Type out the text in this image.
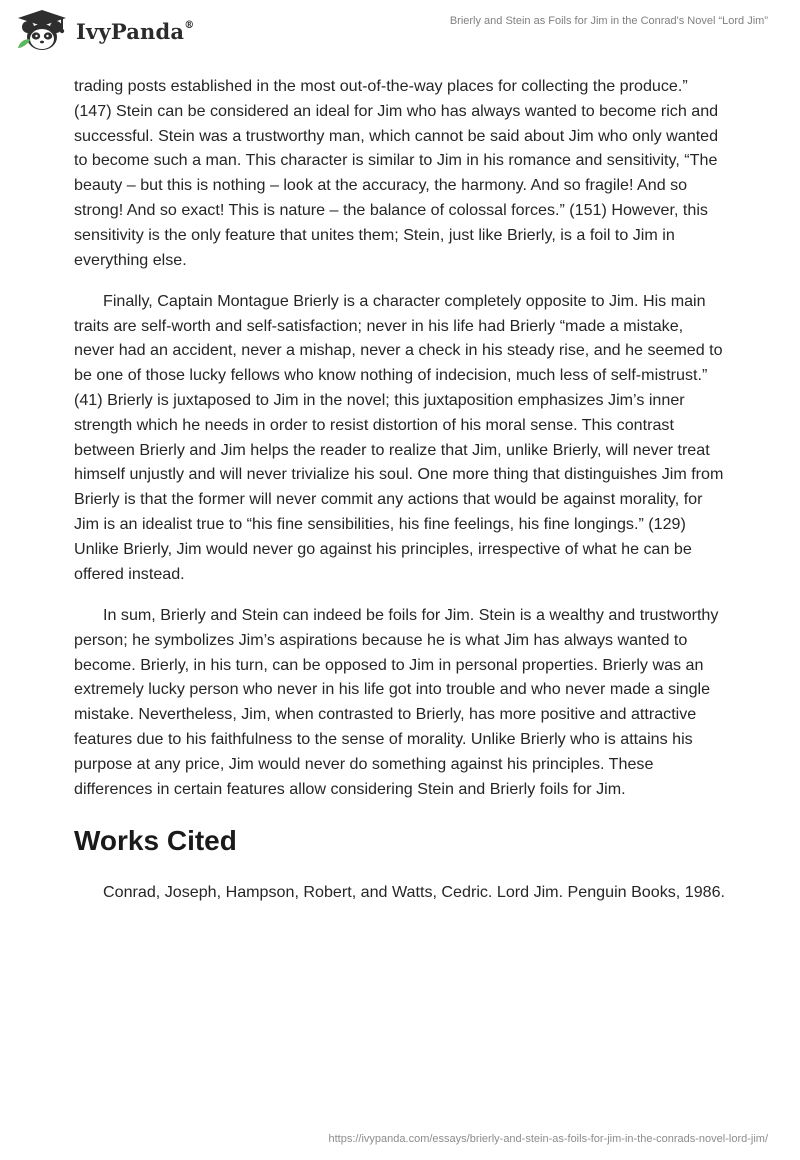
IvyPanda®	Brierly and Stein as Foils for Jim in the Conrad's Novel “Lord Jim”

trading posts established in the most out-of-the-way places for collecting the produce.” (147) Stein can be considered an ideal for Jim who has always wanted to become rich and successful. Stein was a trustworthy man, which cannot be said about Jim who only wanted to become such a man. This character is similar to Jim in his romance and sensitivity, “The beauty – but this is nothing – look at the accuracy, the harmony. And so fragile! And so strong! And so exact! This is nature – the balance of colossal forces.” (151) However, this sensitivity is the only feature that unites them; Stein, just like Brierly, is a foil to Jim in everything else.

Finally, Captain Montague Brierly is a character completely opposite to Jim. His main traits are self-worth and self-satisfaction; never in his life had Brierly “made a mistake, never had an accident, never a mishap, never a check in his steady rise, and he seemed to be one of those lucky fellows who know nothing of indecision, much less of self-mistrust.” (41) Brierly is juxtaposed to Jim in the novel; this juxtaposition emphasizes Jim’s inner strength which he needs in order to resist distortion of his moral sense. This contrast between Brierly and Jim helps the reader to realize that Jim, unlike Brierly, will never treat himself unjustly and will never trivialize his soul. One more thing that distinguishes Jim from Brierly is that the former will never commit any actions that would be against morality, for Jim is an idealist true to “his fine sensibilities, his fine feelings, his fine longings.” (129) Unlike Brierly, Jim would never go against his principles, irrespective of what he can be offered instead.

In sum, Brierly and Stein can indeed be foils for Jim. Stein is a wealthy and trustworthy person; he symbolizes Jim’s aspirations because he is what Jim has always wanted to become. Brierly, in his turn, can be opposed to Jim in personal properties. Brierly was an extremely lucky person who never in his life got into trouble and who never made a single mistake. Nevertheless, Jim, when contrasted to Brierly, has more positive and attractive features due to his faithfulness to the sense of morality. Unlike Brierly who is attains his purpose at any price, Jim would never do something against his principles. These differences in certain features allow considering Stein and Brierly foils for Jim.

Works Cited

Conrad, Joseph, Hampson, Robert, and Watts, Cedric. Lord Jim. Penguin Books, 1986.

https://ivypanda.com/essays/brierly-and-stein-as-foils-for-jim-in-the-conrads-novel-lord-jim/
